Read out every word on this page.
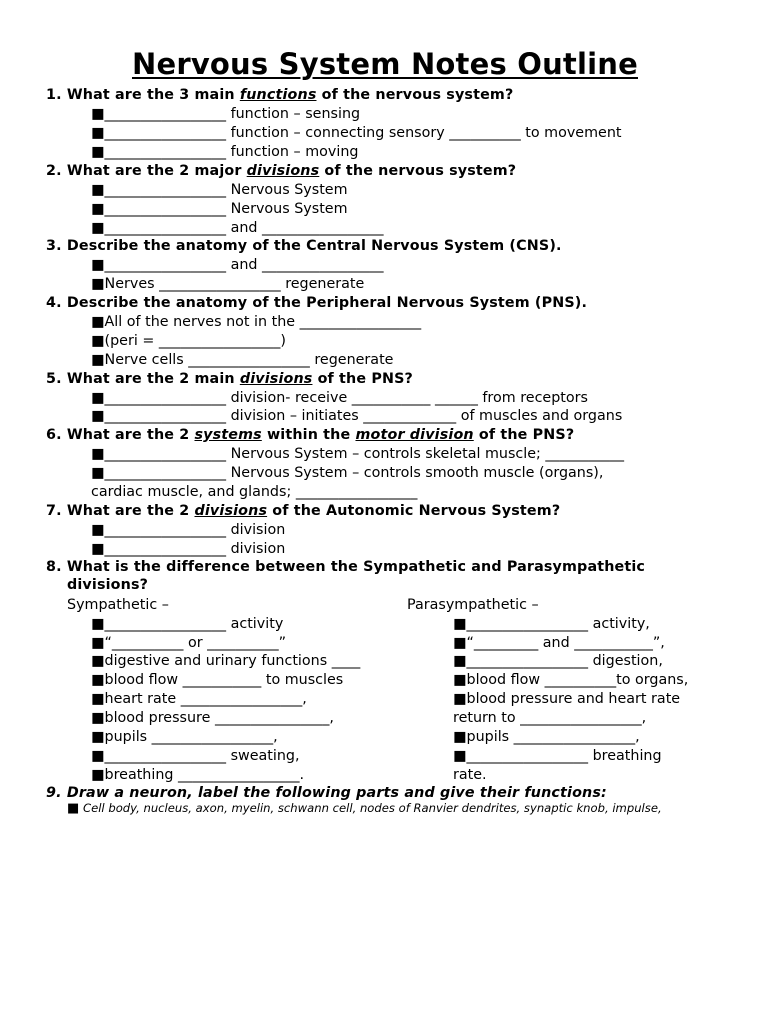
Nervous System Notes Outline
1. What are the 3 main functions of the nervous system?
■_________________ function – sensing
■_________________ function – connecting sensory __________ to movement
■_________________ function – moving
2. What are the 2 major divisions of the nervous system?
■_________________ Nervous System
■_________________ Nervous System
■_________________ and _________________
3. Describe the anatomy of the Central Nervous System (CNS).
■_________________ and _________________
■Nerves _________________ regenerate
4. Describe the anatomy of the Peripheral Nervous System (PNS).
■All of the nerves not in the _________________
■(peri = _________________)
■Nerve cells _________________ regenerate
5. What are the 2 main divisions of the PNS?
■_________________ division- receive ___________ ______ from receptors
■_________________ division – initiates _____________ of muscles and organs
6. What are the 2 systems within the motor division of the PNS?
■_________________ Nervous System – controls skeletal muscle; ___________
■_________________ Nervous System – controls smooth muscle (organs),
cardiac muscle, and glands; _________________
7. What are the 2 divisions of the Autonomic Nervous System?
■_________________ division
■_________________ division
8. What is the difference between the Sympathetic and Parasympathetic
divisions?
Sympathetic –	Parasympathetic –
■_________________ activity
■“__________ or __________”
■digestive and urinary functions ____
■blood flow ___________ to muscles
■heart rate _________________,
■blood pressure ________________,
■pupils _________________,
■_________________ sweating,
■breathing _________________.
■_________________ activity,
■“_________ and ___________”,
■_________________ digestion,
■blood flow __________to organs,
■blood pressure and heart rate
return to _________________,
■pupils _________________,
■_________________ breathing
rate.
9. Draw a neuron, label the following parts and give their functions:
■ Cell body, nucleus, axon, myelin, schwann cell, nodes of Ranvier dendrites, synaptic knob, impulse,
